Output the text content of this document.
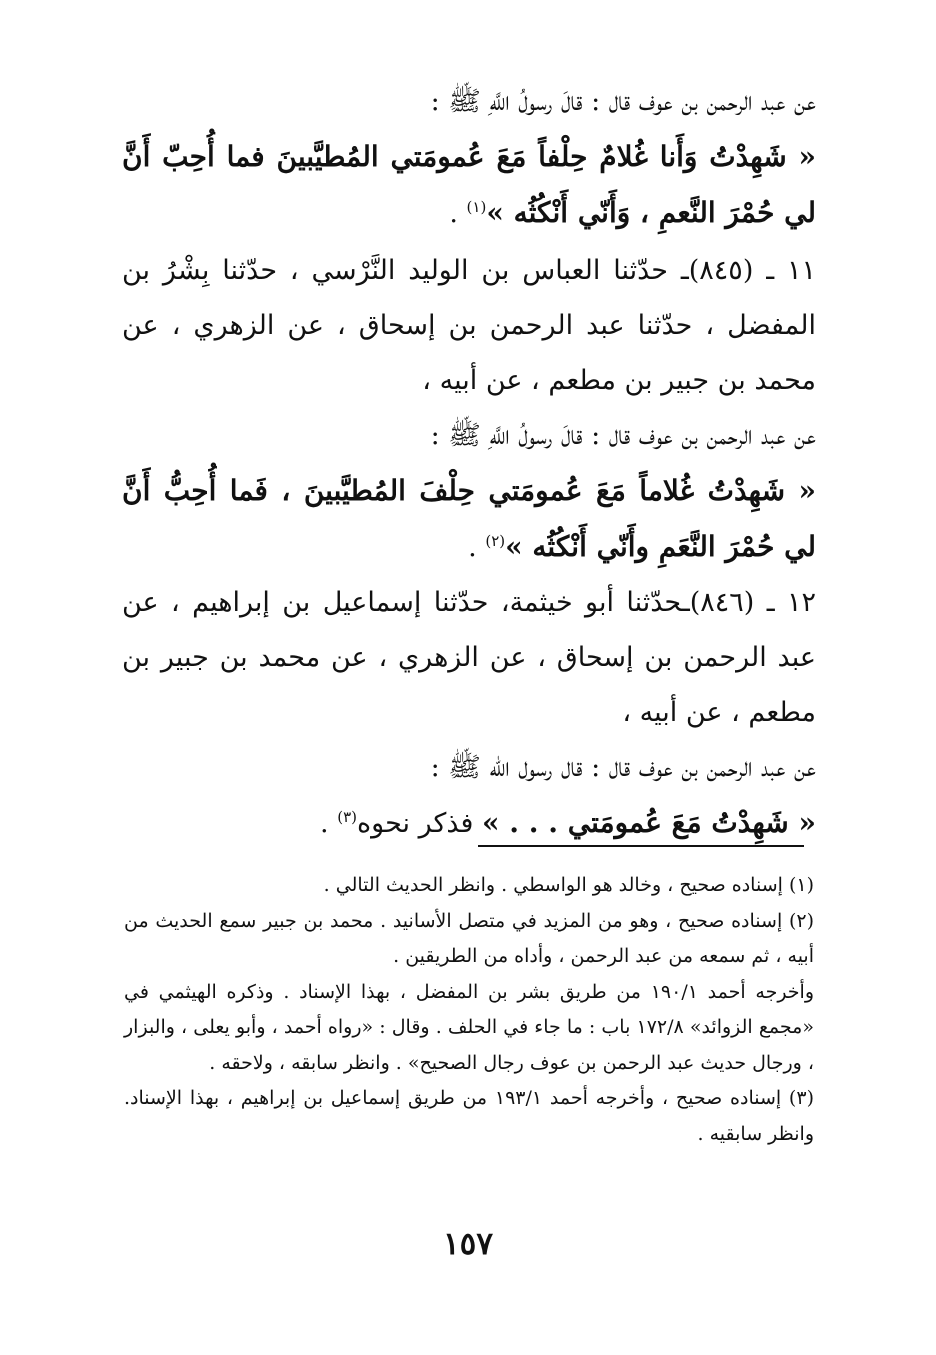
عن عبد الرحمن بن عوف قال : قالَ رسولُ اللَّهِ ﷺ :
« شَهِدْتُ وَأَنا غُلامٌ حِلْفاً مَعَ عُمومَتي المُطيَّبينَ فما أُحِبّ أَنَّ لي حُمْرَ النَّعمِ ، وَأَنّي أَنْكُثُه »$^{(١)}$ .

١١ ـ (٨٤٥)ـ حدّثنا العباس بن الوليد النَّرْسي ، حدّثنا بِشْرُ بن المفضل ، حدّثنا عبد الرحمن بن إسحاق ، عن الزهري ، عن محمد بن جبير بن مطعم ، عن أبيه ،

عن عبد الرحمن بن عوف قال : قالَ رسولُ اللَّهِ ﷺ :
« شَهِدْتُ غُلاماً مَعَ عُمومَتي حِلْفَ المُطيَّبينَ ، فَما أُحِبُّ أَنَّ لي حُمْرَ النَّعَمِ وأَنّي أَنْكُثُه »$^{(٢)}$ .

١٢ ـ (٨٤٦)ـحدّثنا أبو خيثمة، حدّثنا إسماعيل بن إبراهيم ، عن عبد الرحمن بن إسحاق ، عن الزهري ، عن محمد بن جبير بن مطعم ، عن أبيه ،

عن عبد الرحمن بن عوف قال : قال رسول الله ﷺ :
« شَهِدْتُ مَعَ عُمومَتي . . . » فذكر نحوه$^{(٣)}$ .

(١) إسناده صحيح ، وخالد هو الواسطي . وانظر الحديث التالي .

(٢) إسناده صحيح ، وهو من المزيد في متصل الأسانيد . محمد بن جبير سمع الحديث من أبيه ، ثم سمعه من عبد الرحمن ، وأداه من الطريقين .

وأخرجه أحمد ١٩٠/١ من طريق بشر بن المفضل ، بهذا الإسناد . وذكره الهيثمي في «مجمع الزوائد» ١٧٢/٨ باب : ما جاء في الحلف . وقال : «رواه أحمد ، وأبو يعلى ، والبزار ، ورجال حديث عبد الرحمن بن عوف رجال الصحيح» . وانظر سابقه ، ولاحقه .

(٣) إسناده صحيح ، وأخرجه أحمد ١٩٣/١ من طريق إسماعيل بن إبراهيم ، بهذا الإسناد. وانظر سابقيه .

١٥٧
